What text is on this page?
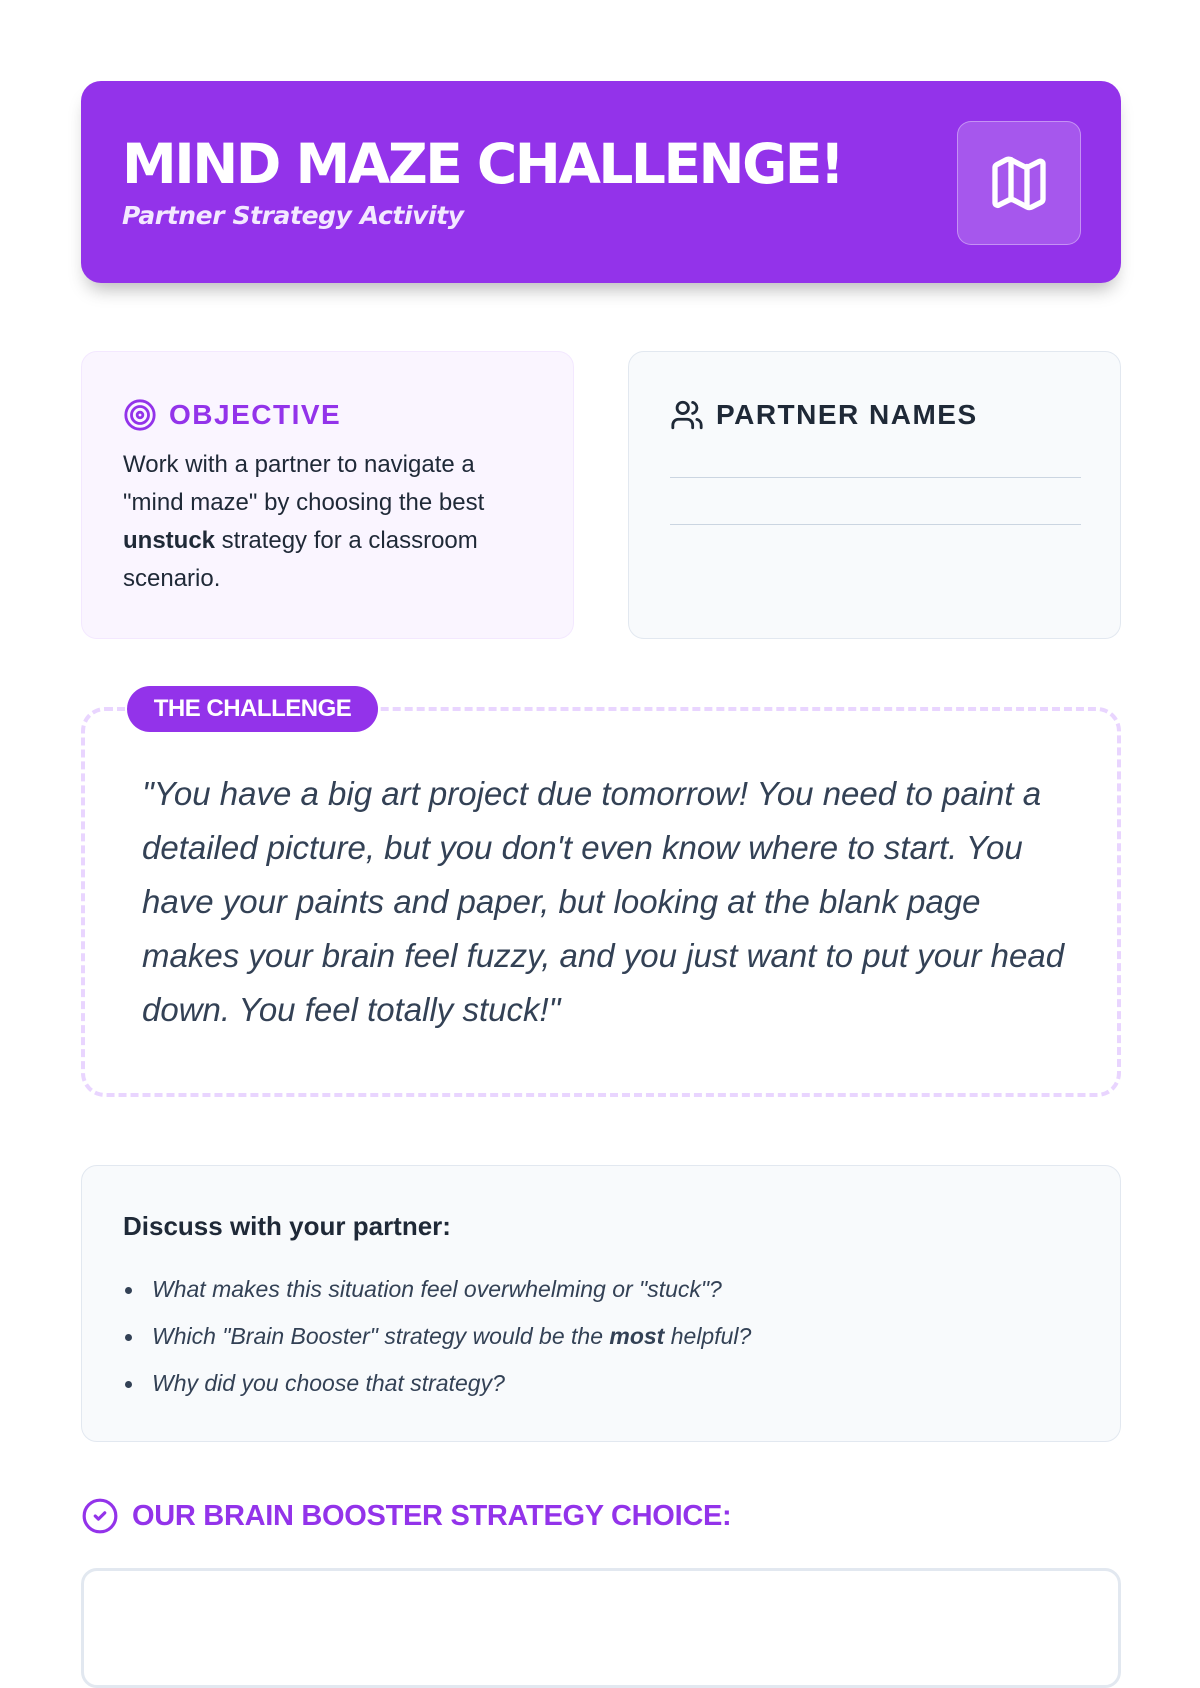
MIND MAZE CHALLENGE!

Partner Strategy Activity

OBJECTIVE

Work with a partner to navigate a "mind maze" by choosing the best unstuck strategy for a classroom scenario.

PARTNER NAMES
THE CHALLENGE

"You have a big art project due tomorrow! You need to paint a detailed picture, but you don't even know where to start. You have your paints and paper, but looking at the blank page makes your brain feel fuzzy, and you just want to put your head down. You feel totally stuck!"

Discuss with your partner:
What makes this situation feel overwhelming or "stuck"?
Which "Brain Booster" strategy would be the most helpful?
Why did you choose that strategy?
OUR BRAIN BOOSTER STRATEGY CHOICE:
